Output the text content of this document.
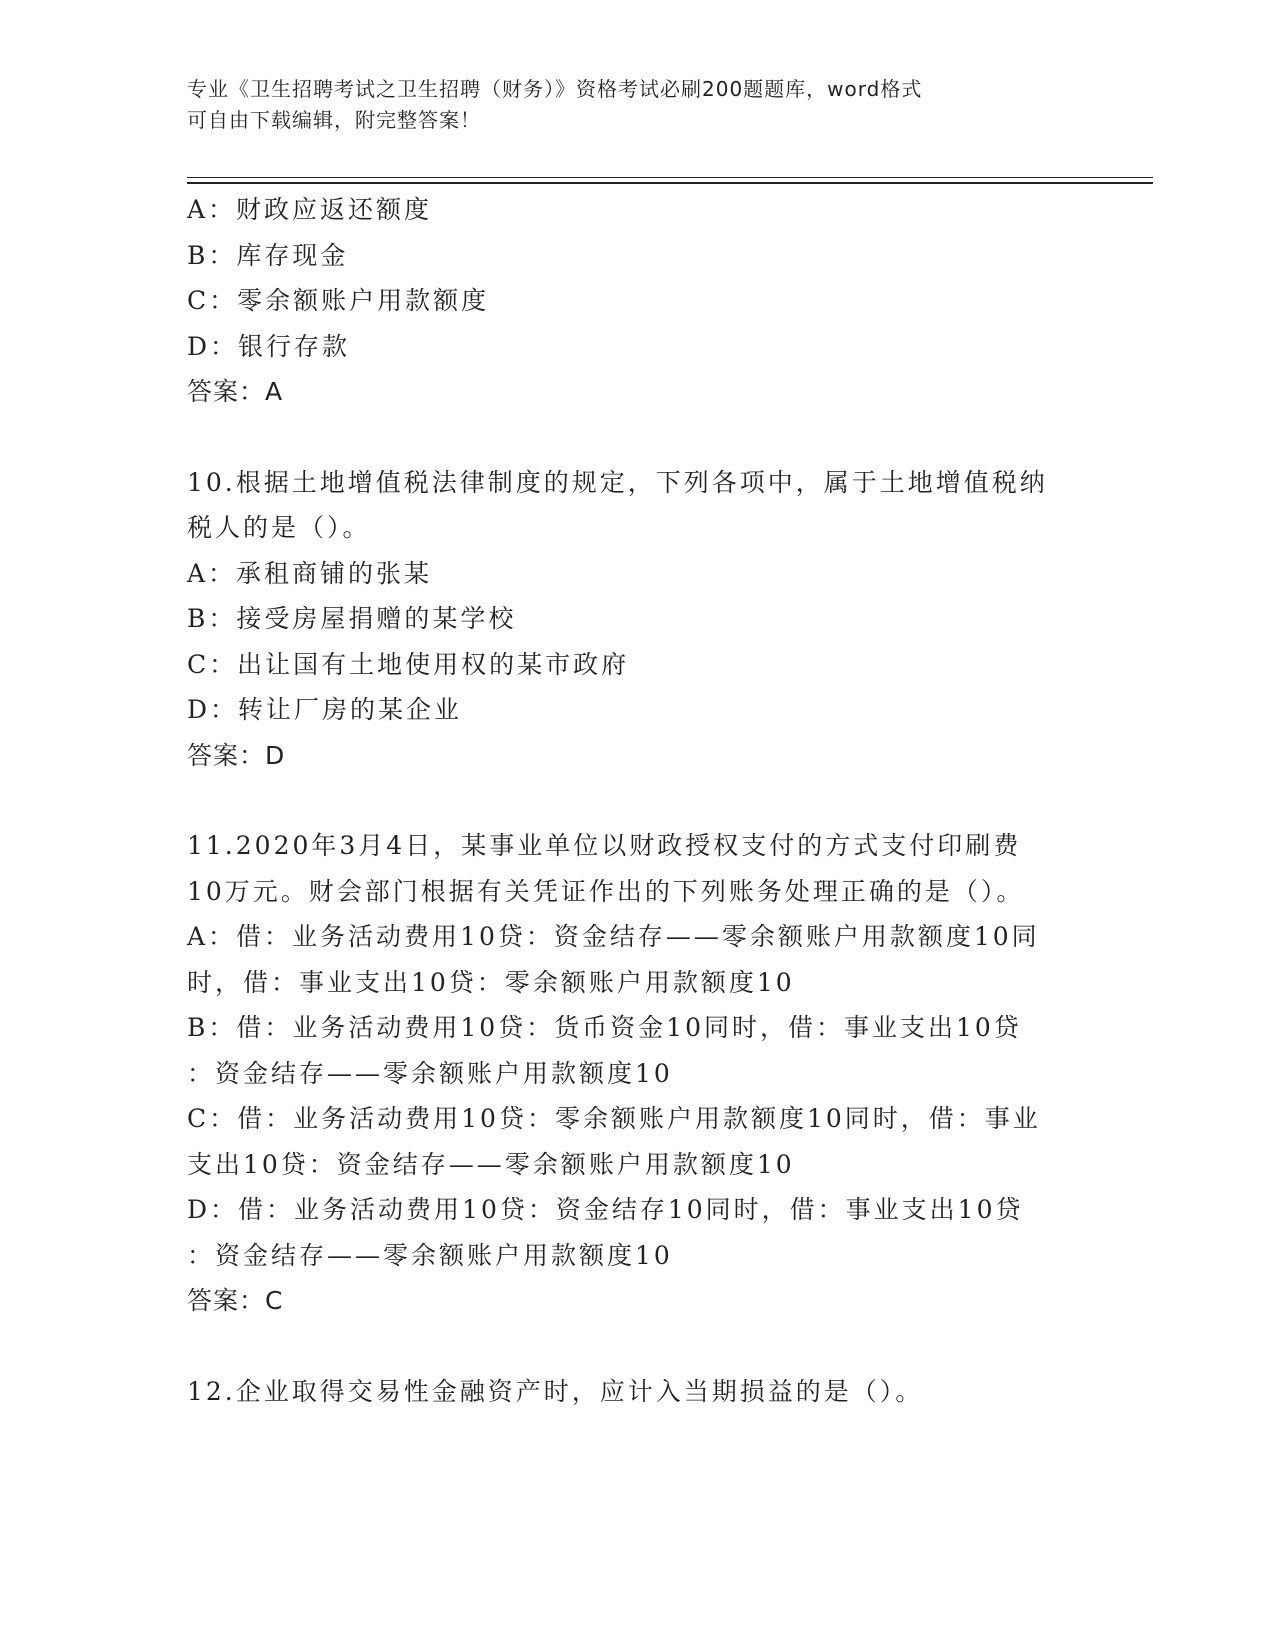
专业《卫生招聘考试之卫生招聘（财务）》资格考试必刷200题题库，word格式
可自由下载编辑，附完整答案！
A：财政应返还额度
B：库存现金
C：零余额账户用款额度
D：银行存款
答案：A
10.根据土地增值税法律制度的规定，下列各项中，属于土地增值税纳
税人的是（）。
A：承租商铺的张某
B：接受房屋捐赠的某学校
C：出让国有土地使用权的某市政府
D：转让厂房的某企业
答案：D
11.2020年3月4日，某事业单位以财政授权支付的方式支付印刷费
10万元。财会部门根据有关凭证作出的下列账务处理正确的是（）。
A：借：业务活动费用10贷：资金结存——零余额账户用款额度10同
时，借：事业支出10贷：零余额账户用款额度10
B：借：业务活动费用10贷：货币资金10同时，借：事业支出10贷
：资金结存——零余额账户用款额度10
C：借：业务活动费用10贷：零余额账户用款额度10同时，借：事业
支出10贷：资金结存——零余额账户用款额度10
D：借：业务活动费用10贷：资金结存10同时，借：事业支出10贷
：资金结存——零余额账户用款额度10
答案：C
12.企业取得交易性金融资产时，应计入当期损益的是（）。
